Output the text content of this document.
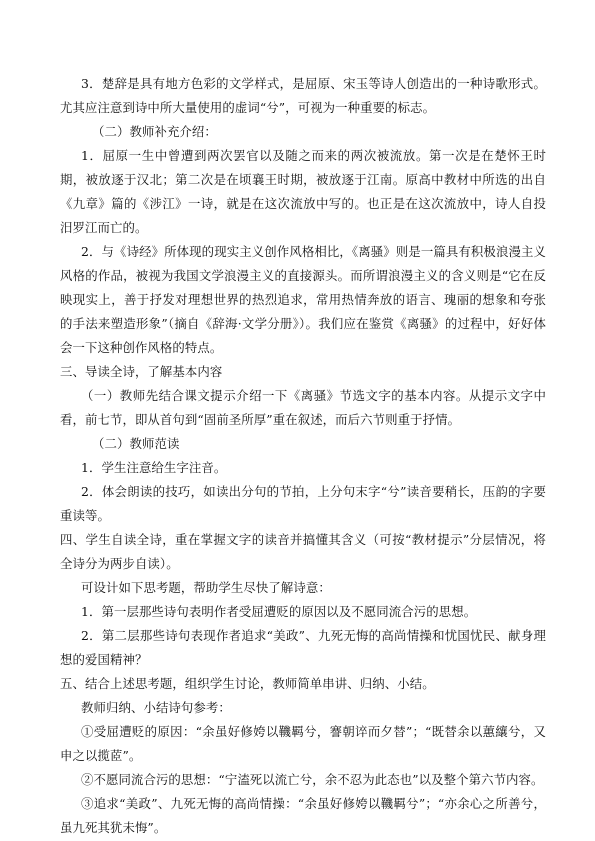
3．楚辞是具有地方色彩的文学样式，是屈原、宋玉等诗人创造出的一种诗歌形式。尤其应注意到诗中所大量使用的虚词“兮”，可视为一种重要的标志。

（二）教师补充介绍：

1．屈原一生中曾遭到两次罢官以及随之而来的两次被流放。第一次是在楚怀王时期，被放逐于汉北；第二次是在顷襄王时期，被放逐于江南。原高中教材中所选的出自《九章》篇的《涉江》一诗，就是在这次流放中写的。也正是在这次流放中，诗人自投汨罗江而亡的。

2．与《诗经》所体现的现实主义创作风格相比，《离骚》则是一篇具有积极浪漫主义风格的作品，被视为我国文学浪漫主义的直接源头。而所谓浪漫主义的含义则是“它在反映现实上，善于抒发对理想世界的热烈追求，常用热情奔放的语言、瑰丽的想象和夸张的手法来塑造形象”（摘自《辞海·文学分册》）。我们应在鉴赏《离骚》的过程中，好好体会一下这种创作风格的特点。

三、导读全诗，了解基本内容

（一）教师先结合课文提示介绍一下《离骚》节选文字的基本内容。从提示文字中看，前七节，即从首句到“固前圣所厚”重在叙述，而后六节则重于抒情。

（二）教师范读

1．学生注意给生字注音。

2．体会朗读的技巧，如读出分句的节拍，上分句末字“兮”读音要稍长，压韵的字要重读等。

四、学生自读全诗，重在掌握文字的读音并搞懂其含义（可按“教材提示”分层情况，将全诗分为两步自读）。

可设计如下思考题，帮助学生尽快了解诗意：

1．第一层那些诗句表明作者受屈遭贬的原因以及不愿同流合污的思想。

2．第二层那些诗句表现作者追求“美政”、九死无悔的高尚情操和忧国忧民、献身理想的爱国精神？

五、结合上述思考题，组织学生讨论，教师简单串讲、归纳、小结。

教师归纳、小结诗句参考：

①受屈遭贬的原因：“余虽好修姱以鞿羁兮，謇朝谇而夕替”；“既替余以蕙纕兮，又申之以揽茝”。

②不愿同流合污的思想：“宁溘死以流亡兮，余不忍为此态也”以及整个第六节内容。

③追求“美政”、九死无悔的高尚情操：“余虽好修姱以鞿羁兮”；“亦余心之所善兮，虽九死其犹未悔”。
